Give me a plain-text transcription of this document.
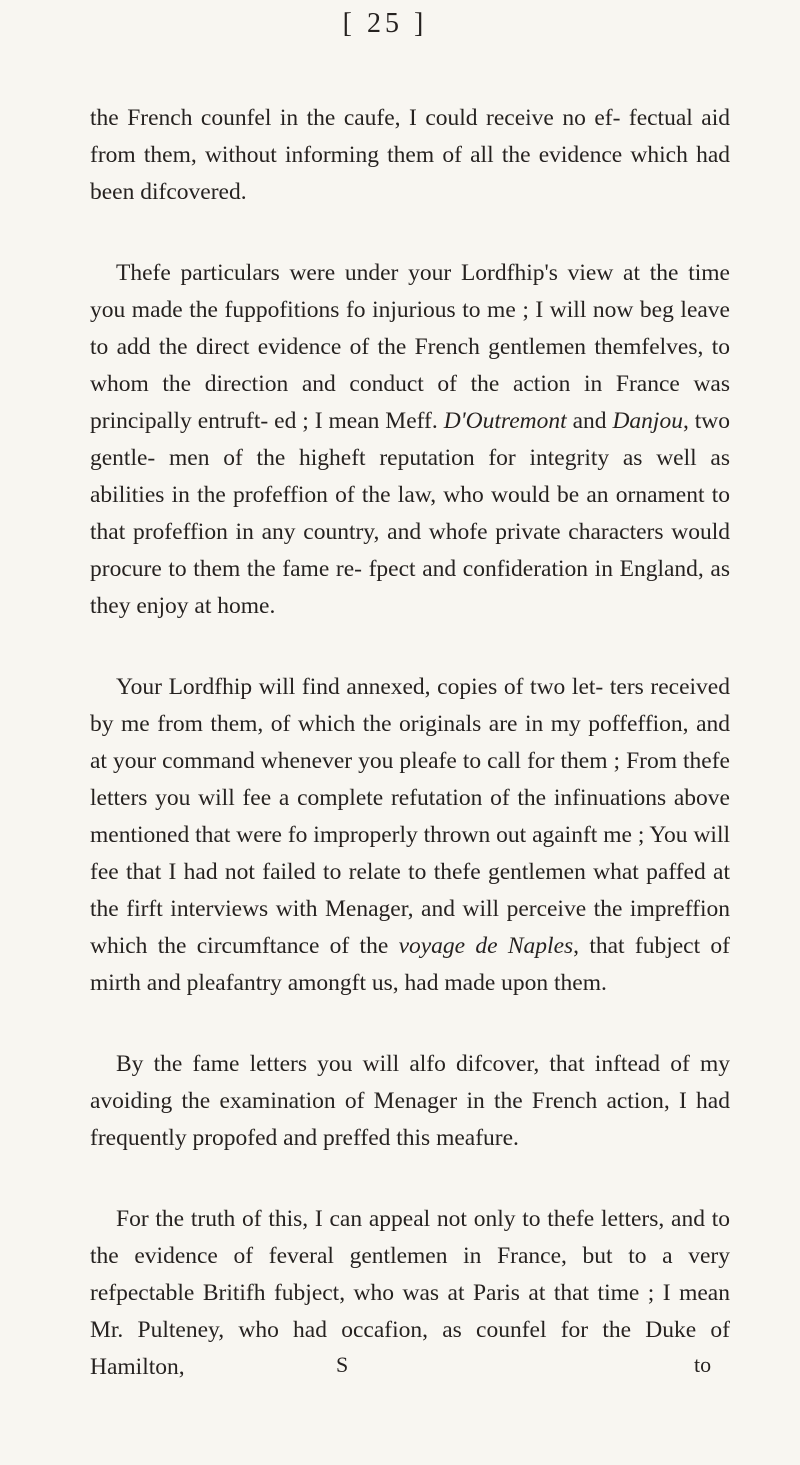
[ 25 ]

the French counfel in the caufe, I could receive no ef- fectual aid from them, without informing them of all the evidence which had been difcovered.

Thefe particulars were under your Lordfhip's view at the time you made the fuppofitions fo injurious to me ; I will now beg leave to add the direct evidence of the French gentlemen themfelves, to whom the direction and conduct of the action in France was principally entruft- ed ; I mean Meff. D'Outremont and Danjou, two gentle- men of the higheft reputation for integrity as well as abilities in the profeffion of the law, who would be an ornament to that profeffion in any country, and whofe private characters would procure to them the fame re- fpect and confideration in England, as they enjoy at home.

Your Lordfhip will find annexed, copies of two let- ters received by me from them, of which the originals are in my poffeffion, and at your command whenever you pleafe to call for them ; From thefe letters you will fee a complete refutation of the infinuations above mentioned that were fo improperly thrown out againft me ; You will fee that I had not failed to relate to thefe gentlemen what paffed at the firft interviews with Menager, and will perceive the impreffion which the circumftance of the voyage de Naples, that fubject of mirth and pleafantry amongft us, had made upon them.

By the fame letters you will alfo difcover, that inftead of my avoiding the examination of Menager in the French action, I had frequently propofed and preffed this meafure.

For the truth of this, I can appeal not only to thefe letters, and to the evidence of feveral gentlemen in France, but to a very refpectable Britifh fubject, who was at Paris at that time ; I mean Mr. Pulteney, who had occafion, as counfel for the Duke of Hamilton,	S	to
